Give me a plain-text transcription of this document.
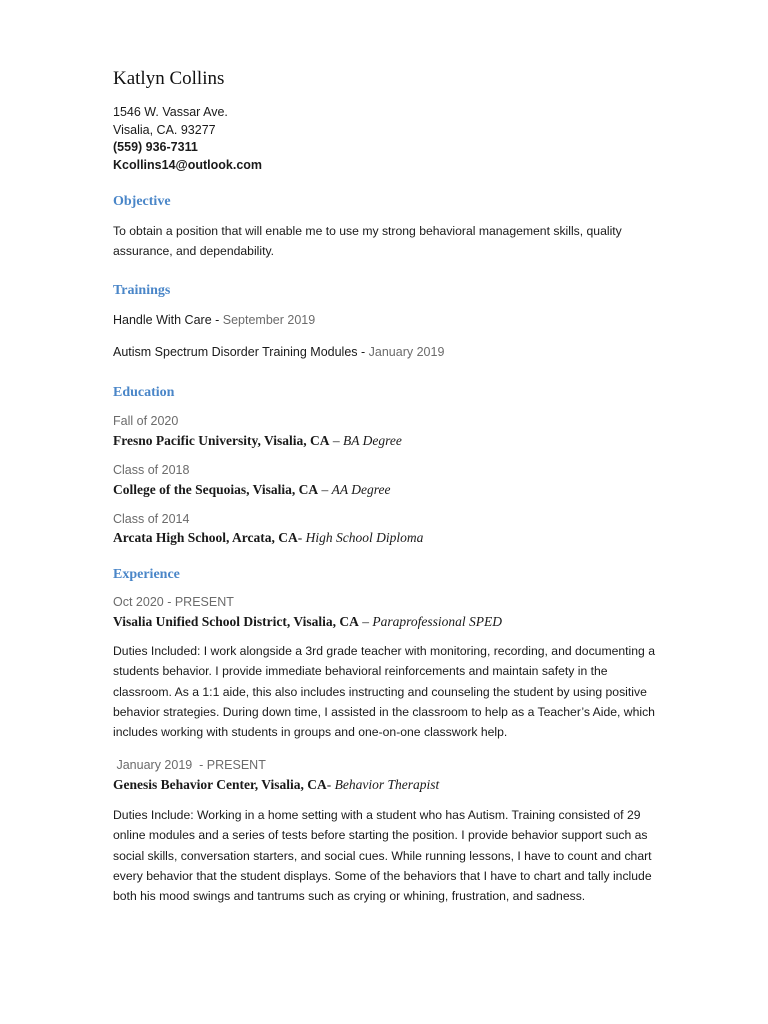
Katlyn Collins
1546 W. Vassar Ave.
Visalia, CA. 93277
(559) 936-7311
Kcollins14@outlook.com
Objective

To obtain a position that will enable me to use my strong behavioral management skills, quality assurance, and dependability.

Trainings
Handle With Care - September 2019
Autism Spectrum Disorder Training Modules - January 2019
Education
Fall of 2020
Fresno Pacific University, Visalia, CA – BA Degree
Class of 2018
College of the Sequoias, Visalia, CA – AA Degree
Class of 2014
Arcata High School, Arcata, CA- High School Diploma
Experience
Oct 2020 - PRESENT
Visalia Unified School District, Visalia, CA – Paraprofessional SPED

Duties Included: I work alongside a 3rd grade teacher with monitoring, recording, and documenting a students behavior. I provide immediate behavioral reinforcements and maintain safety in the classroom. As a 1:1 aide, this also includes instructing and counseling the student by using positive behavior strategies. During down time, I assisted in the classroom to help as a Teacher’s Aide, which includes working with students in groups and one-on-one classwork help.

January 2019  - PRESENT
Genesis Behavior Center, Visalia, CA- Behavior Therapist

Duties Include: Working in a home setting with a student who has Autism. Training consisted of 29 online modules and a series of tests before starting the position. I provide behavior support such as social skills, conversation starters, and social cues. While running lessons, I have to count and chart every behavior that the student displays. Some of the behaviors that I have to chart and tally include both his mood swings and tantrums such as crying or whining, frustration, and sadness.
